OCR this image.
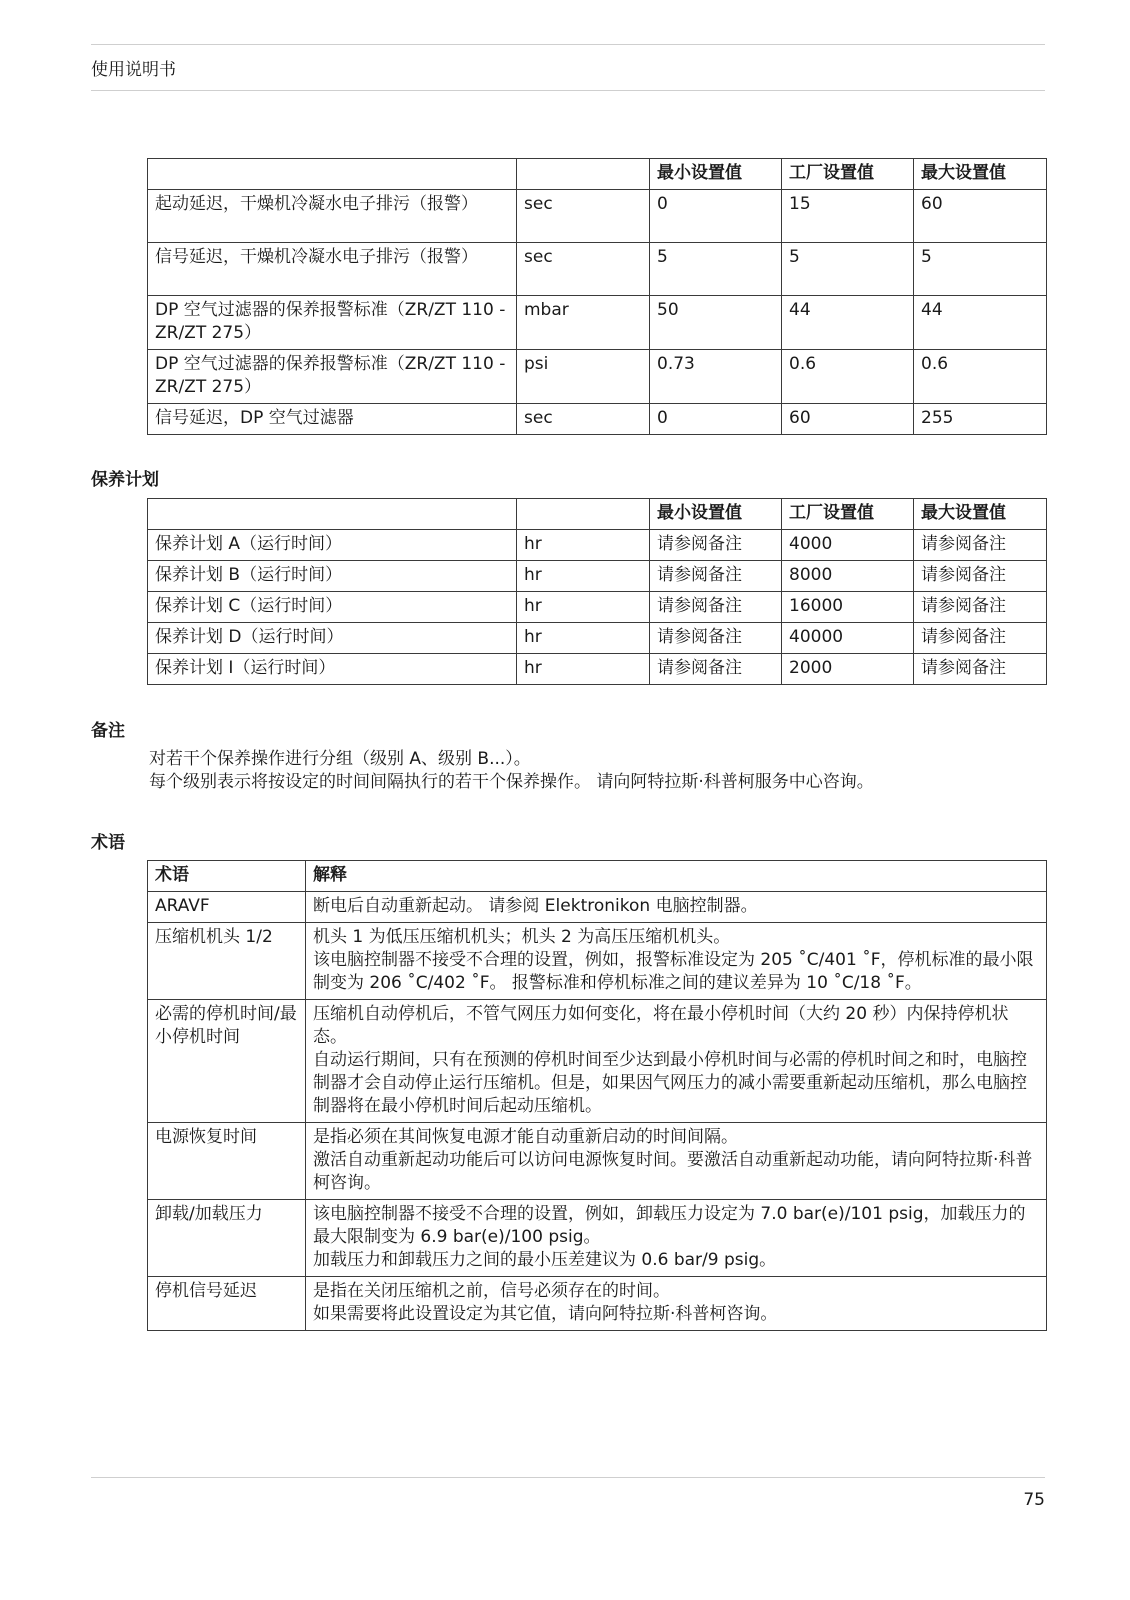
使用说明书
		最小设置值	工厂设置值	最大设置值
起动延迟，干燥机冷凝水电子排污（报警）	sec	0	15	60
信号延迟，干燥机冷凝水电子排污（报警）	sec	5	5	5
DP 空气过滤器的保养报警标准（ZR/ZT 110 - ZR/ZT 275）	mbar	50	44	44
DP 空气过滤器的保养报警标准（ZR/ZT 110 - ZR/ZT 275）	psi	0.73	0.6	0.6
信号延迟，DP 空气过滤器	sec	0	60	255
保养计划
		最小设置值	工厂设置值	最大设置值
保养计划 A（运行时间）	hr	请参阅备注	4000	请参阅备注
保养计划 B（运行时间）	hr	请参阅备注	8000	请参阅备注
保养计划 C（运行时间）	hr	请参阅备注	16000	请参阅备注
保养计划 D（运行时间）	hr	请参阅备注	40000	请参阅备注
保养计划 I（运行时间）	hr	请参阅备注	2000	请参阅备注
备注
对若干个保养操作进行分组（级别 A、级别 B...）。
每个级别表示将按设定的时间间隔执行的若干个保养操作。 请向阿特拉斯·科普柯服务中心咨询。
术语
术语	解释
ARAVF	断电后自动重新起动。 请参阅 Elektronikon 电脑控制器。

压缩机机头 1/2	机头 1 为低压压缩机机头；机头 2 为高压压缩机机头。
该电脑控制器不接受不合理的设置，例如，报警标准设定为 205 ˚C/401 ˚F，停机标准的最小限制变为 206 ˚C/402 ˚F。 报警标准和停机标准之间的建议差异为 10 ˚C/18 ˚F。

必需的停机时间/最小停机时间	压缩机自动停机后，不管气网压力如何变化，将在最小停机时间（大约 20 秒）内保持停机状态。
自动运行期间，只有在预测的停机时间至少达到最小停机时间与必需的停机时间之和时，电脑控制器才会自动停止运行压缩机。但是，如果因气网压力的减小需要重新起动压缩机，那么电脑控制器将在最小停机时间后起动压缩机。

电源恢复时间	是指必须在其间恢复电源才能自动重新启动的时间间隔。
激活自动重新起动功能后可以访问电源恢复时间。要激活自动重新起动功能，请向阿特拉斯·科普柯咨询。

卸载/加载压力	该电脑控制器不接受不合理的设置，例如，卸载压力设定为 7.0 bar(e)/101 psig，加载压力的最大限制变为 6.9 bar(e)/100 psig。
加载压力和卸载压力之间的最小压差建议为 0.6 bar/9 psig。

停机信号延迟	是指在关闭压缩机之前，信号必须存在的时间。
如果需要将此设置设定为其它值，请向阿特拉斯·科普柯咨询。
75
